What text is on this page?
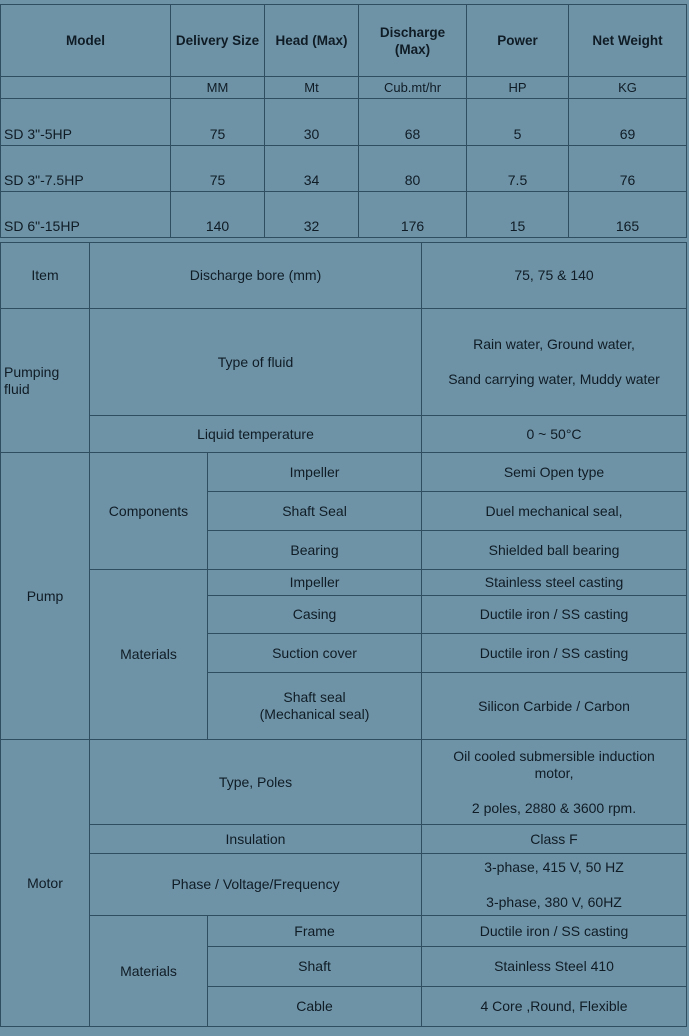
Model	Delivery Size	Head (Max)	Discharge (Max)	Power	Net Weight
	MM	Mt	Cub.mt/hr	HP	KG
SD 3"-5HP	75	30	68	5	69
SD 3"-7.5HP	75	34	80	7.5	76
SD 6"-15HP	140	32	176	15	165
Item	Discharge bore (mm)		75, 75 & 140
Pumping fluid	Type of fluid		Rain water, Ground water,
Sand carrying water, Muddy water

	Liquid temperature		0 ~ 50°C
Pump	Components	Impeller	Semi Open type
		Shaft Seal	Duel mechanical seal,
		Bearing	Shielded ball bearing
	Materials	Impeller	Stainless steel casting
		Casing	Ductile iron / SS casting
		Suction cover	Ductile iron / SS casting

		Shaft seal
(Mechanical seal)	Silicon Carbide / Carbon
Motor	Type, Poles		Oil cooled submersible induction motor,
2 poles, 2880 & 3600 rpm.

	Insulation		Class F
	Phase / Voltage/Frequency		3-phase, 415 V, 50 HZ
3-phase, 380 V, 60HZ

	Materials	Frame	Ductile iron / SS casting
		Shaft	Stainless Steel 410
		Cable	4 Core ,Round, Flexible
